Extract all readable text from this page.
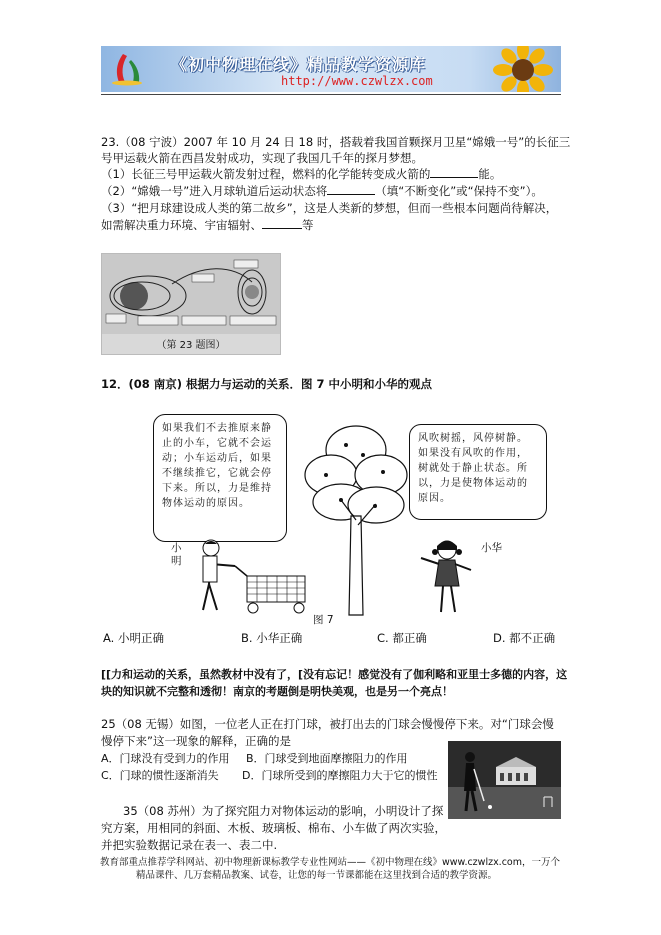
《初中物理在线》精品教学资源库
http://www.czwlzx.com
23.（08 宁波）2007 年 10 月 24 日 18 时，搭载着我国首颗探月卫星“嫦娥一号”的长征三
号甲运载火箭在西昌发射成功，实现了我国几千年的探月梦想。
（1）长征三号甲运载火箭发射过程，燃料的化学能转变成火箭的	能。
（2）“嫦娥一号”进入月球轨道后运动状态将	（填“不断变化”或“保持不变”）。
（3）“把月球建设成人类的第二故乡”，这是人类新的梦想，但而一些根本问题尚待解决，
如需解决重力环境、宇宙辐射、	等
（第 23 题图）
12．(08 南京) 根据力与运动的关系．图 7 中小明和小华的观点
如果我们不去推原来静止的小车，它就不会运动；小车运动后，如果不继续推它，它就会停下来。所以，力是维持物体运动的原因。
风吹树摇，风停树静。如果没有风吹的作用，树就处于静止状态。所以，力是使物体运动的原因。
小明
小华
图 7
A. 小明正确	B. 小华正确	C. 都正确	D. 都不正确
[[力和运动的关系，虽然教材中没有了，[没有忘记！感觉没有了伽利略和亚里士多德的内容，这
块的知识就不完整和透彻！南京的考题倒是明快美观，也是另一个亮点！
25（08 无锡）如图，一位老人正在打门球，被打出去的门球会慢慢停下来。对“门球会慢
慢停下来”这一现象的解释，正确的是
A．门球没有受到力的作用 B．门球受到地面摩擦阻力的作用
C．门球的惯性逐渐消失 D．门球所受到的摩擦阻力大于它的惯性
35（08 苏州）为了探究阻力对物体运动的影响，小明设计了探
究方案，用相同的斜面、木板、玻璃板、棉布、小车做了两次实验，
并把实验数据记录在表一、表二中.
教育部重点推荐学科网站、初中物理新课标教学专业性网站——《初中物理在线》www.czwlzx.com，一万个
精品课件、几万套精品教案、试卷，让您的每一节课都能在这里找到合适的教学资源。
